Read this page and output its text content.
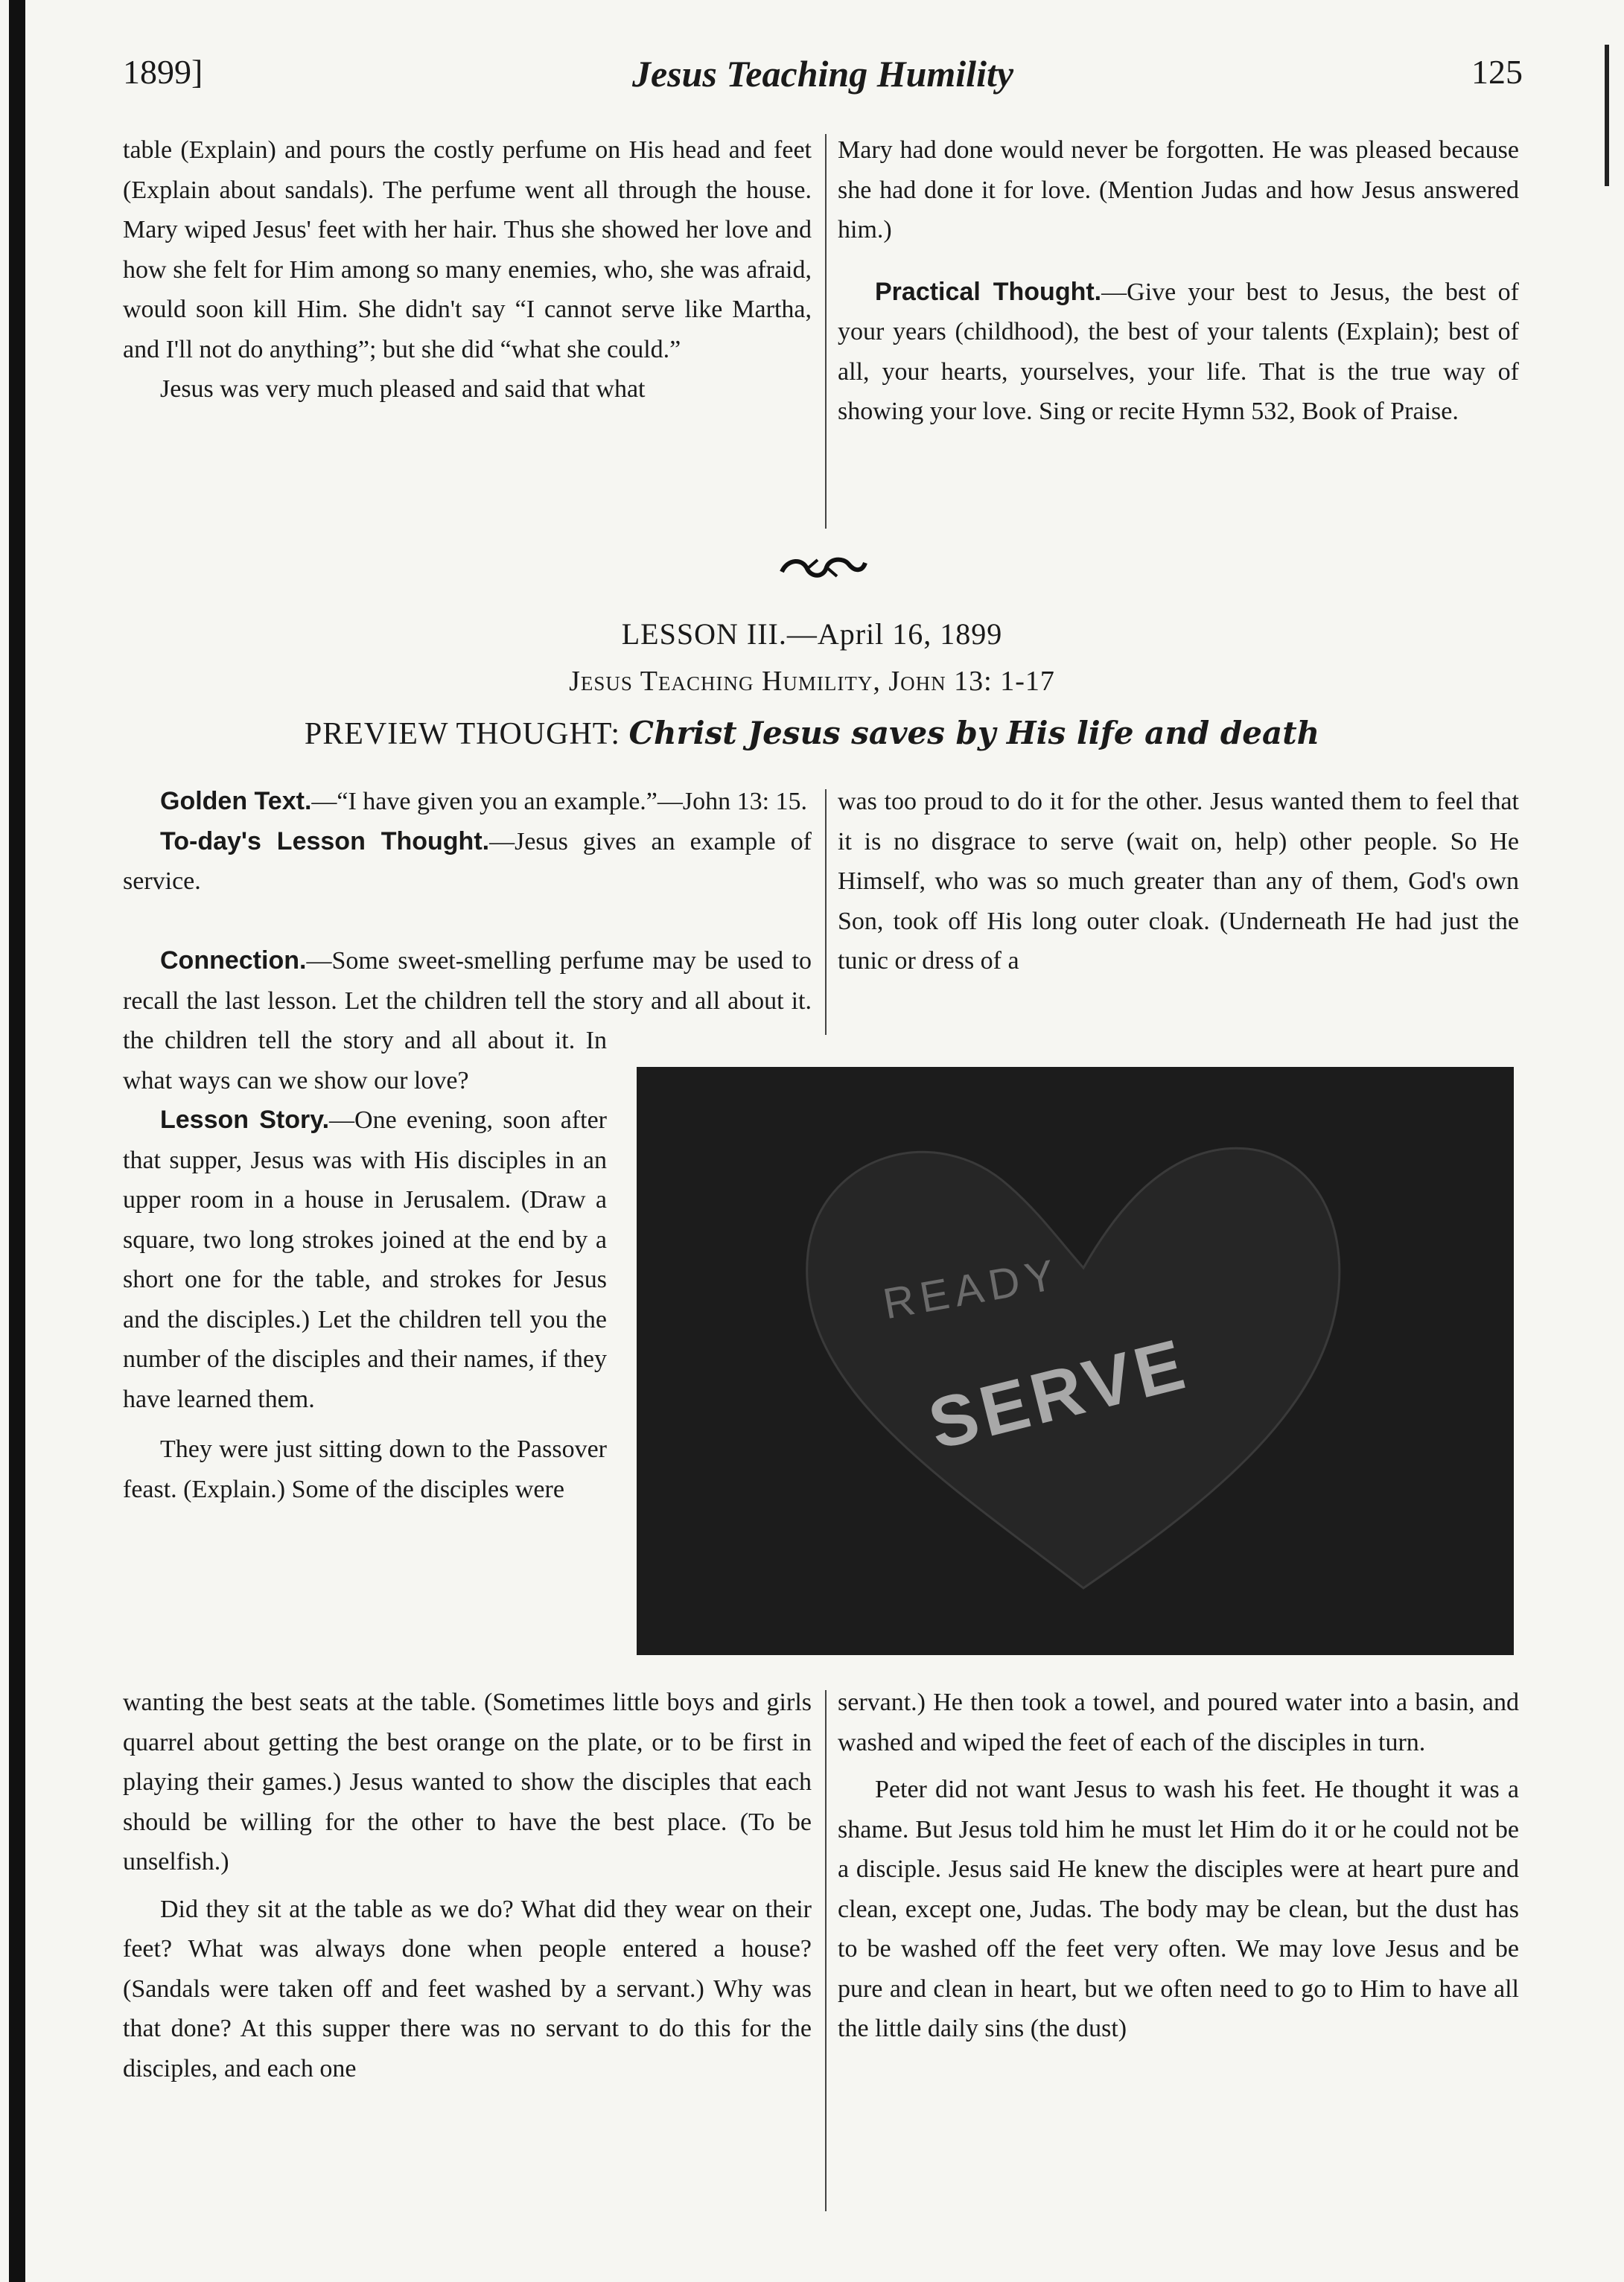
1899]	Jesus Teaching Humility	125

table (Explain) and pours the costly perfume on His head and feet (Explain about sandals). The perfume went all through the house. Mary wiped Jesus' feet with her hair. Thus she showed her love and how she felt for Him among so many enemies, who, she was afraid, would soon kill Him. She didn't say “I cannot serve like Martha, and I'll not do anything”; but she did “what she could.”

Jesus was very much pleased and said that what

Mary had done would never be forgotten. He was pleased because she had done it for love. (Mention Judas and how Jesus answered him.)

Practical Thought.—Give your best to Jesus, the best of your years (childhood), the best of your talents (Explain); best of all, your hearts, yourselves, your life. That is the true way of showing your love. Sing or recite Hymn 532, Book of Praise.

LESSON III.—April 16, 1899
Jesus Teaching Humility, John 13: 1-17
PREVIEW THOUGHT: Christ Jesus saves by His life and death

Golden Text.—“I have given you an example.”—John 13: 15.

To-day's Lesson Thought.—Jesus gives an example of service.

Connection.—Some sweet-smelling perfume may be used to recall the last lesson. Let the children tell the story and all about it.

the children tell the story and all about it. In what ways can we show our love?

Lesson Story.—One evening, soon after that supper, Jesus was with His disciples in an upper room in a house in Jerusalem. (Draw a square, two long strokes joined at the end by a short one for the table, and strokes for Jesus and the disciples.) Let the children tell you the number of the disciples and their names, if they have learned them.

They were just sitting down to the Passover feast. (Explain.) Some of the disciples were

was too proud to do it for the other. Jesus wanted them to feel that it is no disgrace to serve (wait on, help) other people. So He Himself, who was so much greater than any of them, God's own Son, took off His long outer cloak. (Underneath He had just the tunic or dress of a

READY
SERVE

wanting the best seats at the table. (Sometimes little boys and girls quarrel about getting the best orange on the plate, or to be first in playing their games.) Jesus wanted to show the disciples that each should be willing for the other to have the best place. (To be unselfish.)

Did they sit at the table as we do? What did they wear on their feet? What was always done when people entered a house? (Sandals were taken off and feet washed by a servant.) Why was that done? At this supper there was no servant to do this for the disciples, and each one

servant.) He then took a towel, and poured water into a basin, and washed and wiped the feet of each of the disciples in turn.

Peter did not want Jesus to wash his feet. He thought it was a shame. But Jesus told him he must let Him do it or he could not be a disciple. Jesus said He knew the disciples were at heart pure and clean, except one, Judas. The body may be clean, but the dust has to be washed off the feet very often. We may love Jesus and be pure and clean in heart, but we often need to go to Him to have all the little daily sins (the dust)
